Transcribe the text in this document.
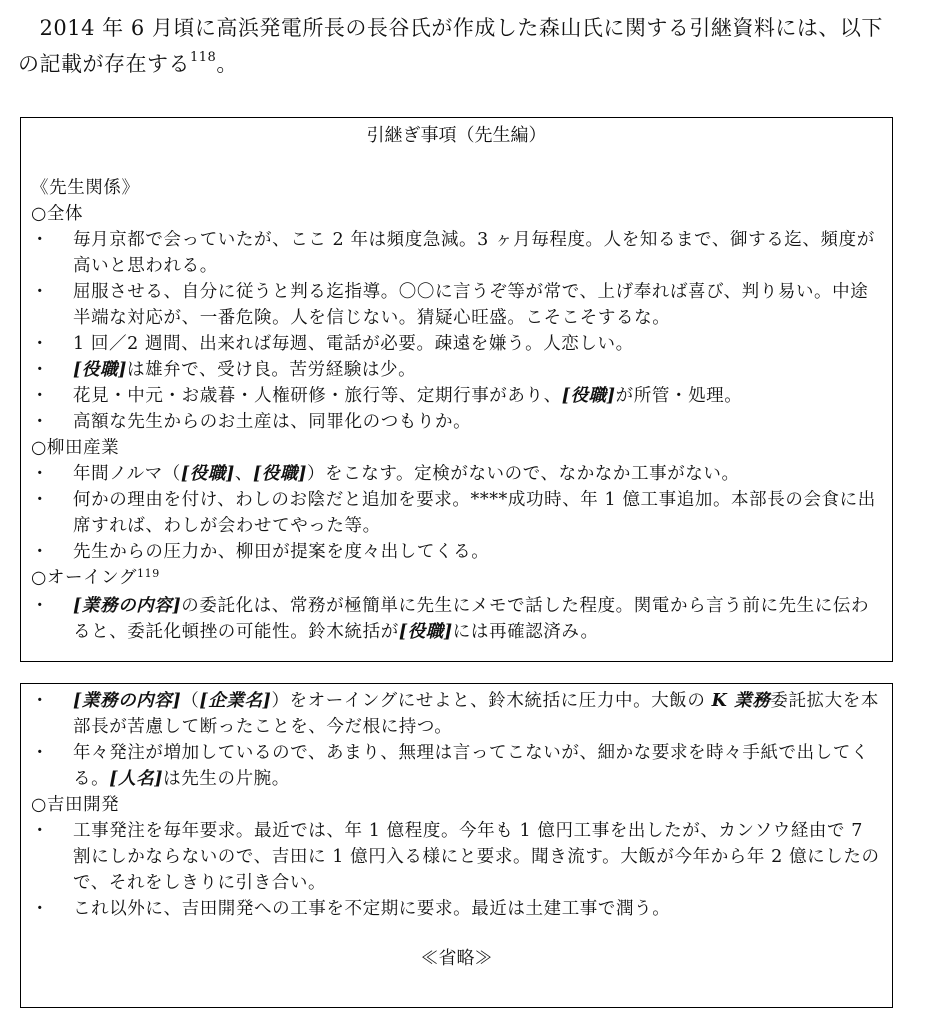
2014 年 6 月頃に高浜発電所長の長谷氏が作成した森山氏に関する引継資料には、以下の記載が存在する$^{118}$。
引継ぎ事項（先生編）
《先生関係》
○全体
・ 毎月京都で会っていたが、ここ 2 年は頻度急減。3 ヶ月毎程度。人を知るまで、御する迄、頻度が高いと思われる。
・ 屈服させる、自分に従うと判る迄指導。〇〇に言うぞ等が常で、上げ奉れば喜び、判り易い。中途半端な対応が、一番危険。人を信じない。猜疑心旺盛。こそこそするな。
・ 1 回／2 週間、出来れば毎週、電話が必要。疎遠を嫌う。人恋しい。
・ [役職]は雄弁で、受け良。苦労経験は少。
・ 花見・中元・お歳暮・人権研修・旅行等、定期行事があり、[役職]が所管・処理。
・ 高額な先生からのお土産は、同罪化のつもりか。
○柳田産業
・ 年間ノルマ（[役職]、[役職]）をこなす。定検がないので、なかなか工事がない。
・ 何かの理由を付け、わしのお陰だと追加を要求。****成功時、年 1 億工事追加。本部長の会食に出席すれば、わしが会わせてやった等。
・ 先生からの圧力か、柳田が提案を度々出してくる。
○オーイング$^{119}$
・ [業務の内容]の委託化は、常務が極簡単に先生にメモで話した程度。関電から言う前に先生に伝わると、委託化頓挫の可能性。鈴木統括が[役職]には再確認済み。
・ [業務の内容]（[企業名]）をオーイングにせよと、鈴木統括に圧力中。大飯の K 業務委託拡大を本部長が苦慮して断ったことを、今だ根に持つ。
・ 年々発注が増加しているので、あまり、無理は言ってこないが、細かな要求を時々手紙で出してくる。[人名]は先生の片腕。
○吉田開発
・ 工事発注を毎年要求。最近では、年 1 億程度。今年も 1 億円工事を出したが、カンソウ経由で 7 割にしかならないので、吉田に 1 億円入る様にと要求。聞き流す。大飯が今年から年 2 億にしたので、それをしきりに引き合い。
・ これ以外に、吉田開発への工事を不定期に要求。最近は土建工事で潤う。
≪省略≫
